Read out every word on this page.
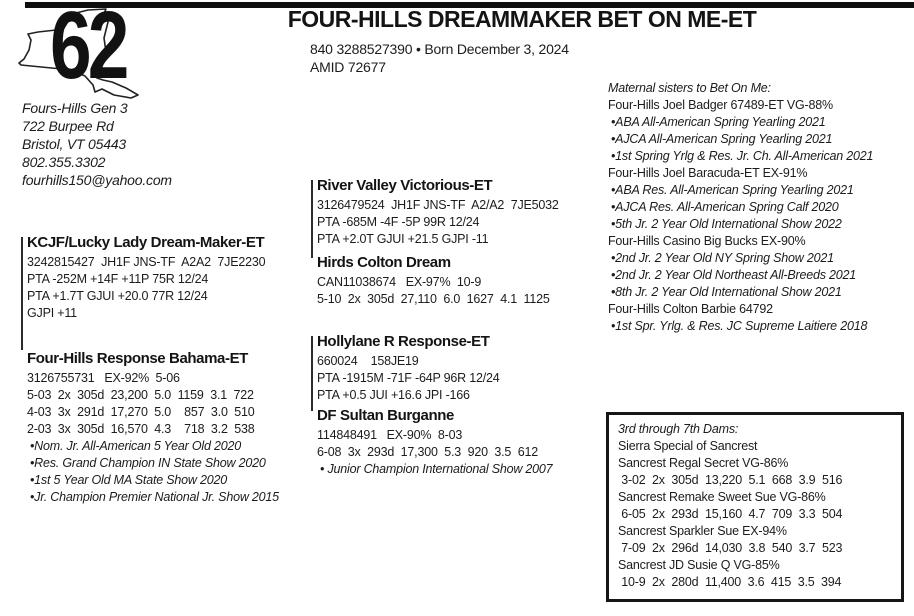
62	FOUR-HILLS DREAMMAKER BET ON ME-ET
840 3288527390 • Born December 3, 2024
AMID 72677
Fours-Hills Gen 3
722 Burpee Rd
Bristol, VT 05443
802.355.3302
fourhills150@yahoo.com	River Valley Victorious-ET
3126479524  JH1F JNS-TF  A2/A2  7JE5032
PTA -685M -4F -5P 99R 12/24
PTA +2.0T GJUI +21.5 GJPI -11
Hirds Colton Dream
CAN11038674   EX-97%  10-9
5-10  2x  305d  27,110  6.0  1627  4.1  1125
Hollylane R Response-ET
660024    158JE19
PTA -1915M -71F -64P 96R 12/24
PTA +0.5 JUI +16.6 JPI -166
DF Sultan Burganne
114848491   EX-90%  8-03
6-08  3x  293d  17,300  5.3  920  3.5  612
• Junior Champion International Show 2007
KCJF/Lucky Lady Dream-Maker-ET
3242815427  JH1F JNS-TF  A2A2  7JE2230
PTA -252M +14F +11P 75R 12/24
PTA +1.7T GJUI +20.0 77R 12/24
GJPI +11
Four-Hills Response Bahama-ET
3126755731   EX-92%  5-06
5-03  2x  305d  23,200  5.0  1159  3.1  722
4-03  3x  291d  17,270  5.0    857  3.0  510
2-03  3x  305d  16,570  4.3    718  3.2  538
•Nom. Jr. All-American 5 Year Old 2020
•Res. Grand Champion IN State Show 2020
•1st 5 Year Old MA State Show 2020
•Jr. Champion Premier National Jr. Show 2015
Maternal sisters to Bet On Me:
Four-Hills Joel Badger 67489-ET VG-88%
•ABA All-American Spring Yearling 2021
•AJCA All-American Spring Yearling 2021
•1st Spring Yrlg & Res. Jr. Ch. All-American 2021
Four-Hills Joel Baracuda-ET EX-91%
•ABA Res. All-American Spring Yearling 2021
•AJCA Res. All-American Spring Calf 2020
•5th Jr. 2 Year Old International Show 2022
Four-Hills Casino Big Bucks EX-90%
•2nd Jr. 2 Year Old NY Spring Show 2021
•2nd Jr. 2 Year Old Northeast All-Breeds 2021
•8th Jr. 2 Year Old International Show 2021
Four-Hills Colton Barbie 64792
•1st Spr. Yrlg. & Res. JC Supreme Laitiere 2018
3rd through 7th Dams:
Sierra Special of Sancrest
Sancrest Regal Secret VG-86%
3-02  2x  305d  13,220  5.1  668  3.9  516
Sancrest Remake Sweet Sue VG-86%
6-05  2x  293d  15,160  4.7  709  3.3  504
Sancrest Sparkler Sue EX-94%
7-09  2x  296d  14,030  3.8  540  3.7  523
Sancrest JD Susie Q VG-85%
10-9  2x  280d  11,400  3.6  415  3.5  394
